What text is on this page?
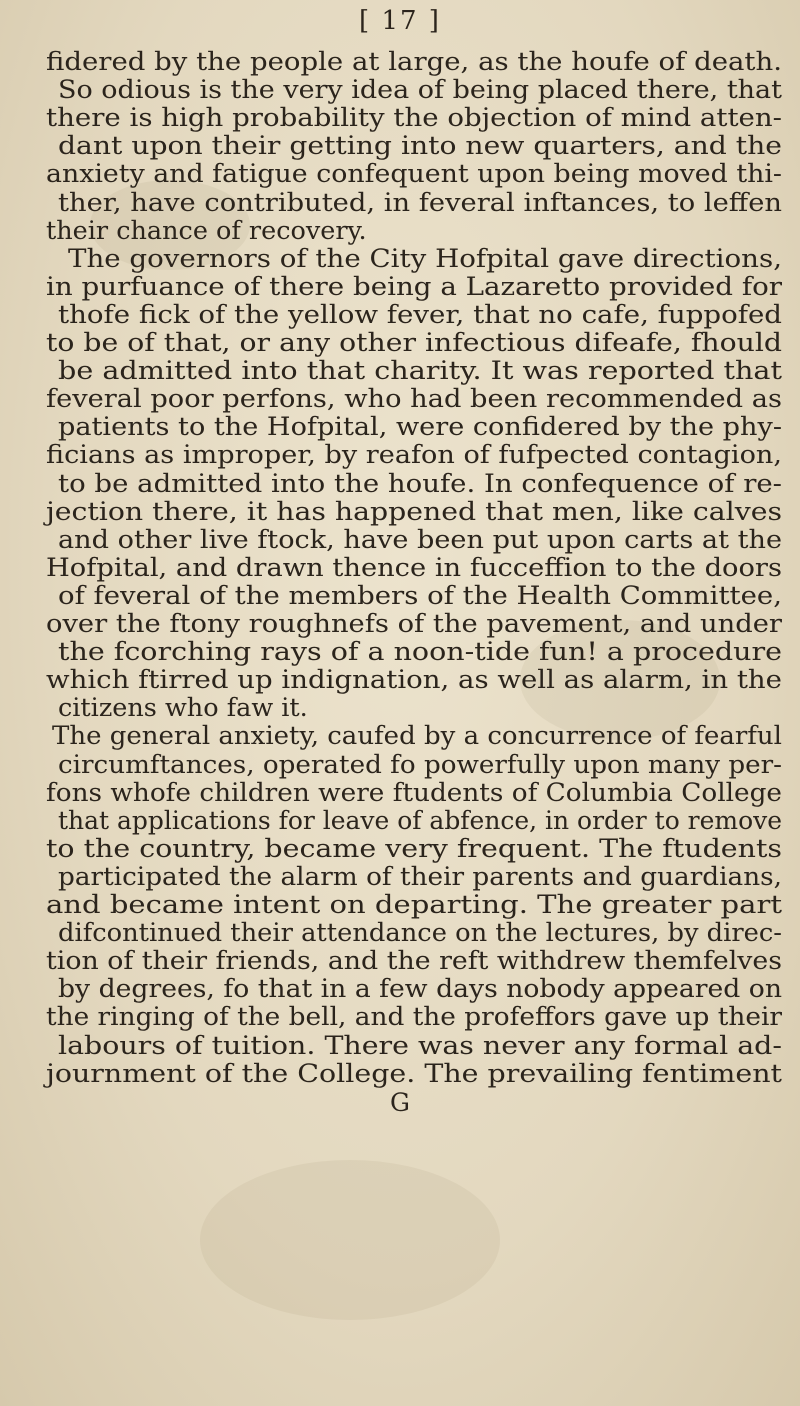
[ 17 ]
fidered by the people at large, as the houfe of death.
So odious is the very idea of being placed there, that
there is high probability the objection of mind atten-
dant upon their getting into new quarters, and the
anxiety and fatigue confequent upon being moved thi-
ther, have contributed, in feveral inftances, to leffen
their chance of recovery.
The governors of the City Hofpital gave directions,
in purfuance of there being a Lazaretto provided for
thofe fick of the yellow fever, that no cafe, fuppofed
to be of that, or any other infectious difeafe, fhould
be admitted into that charity. It was reported that
feveral poor perfons, who had been recommended as
patients to the Hofpital, were confidered by the phy-
ficians as improper, by reafon of fufpected contagion,
to be admitted into the houfe. In confequence of re-
jection there, it has happened that men, like calves
and other live ftock, have been put upon carts at the
Hofpital, and drawn thence in fucceffion to the doors
of feveral of the members of the Health Committee,
over the ftony roughnefs of the pavement, and under
the fcorching rays of a noon-tide fun! a procedure
which ftirred up indignation, as well as alarm, in the
citizens who faw it.
The general anxiety, caufed by a concurrence of fearful
circumftances, operated fo powerfully upon many per-
fons whofe children were ftudents of Columbia College
that applications for leave of abfence, in order to remove
to the country, became very frequent. The ftudents
participated the alarm of their parents and guardians,
and became intent on departing. The greater part
difcontinued their attendance on the lectures, by direc-
tion of their friends, and the reft withdrew themfelves
by degrees, fo that in a few days nobody appeared on
the ringing of the bell, and the profeffors gave up their
labours of tuition. There was never any formal ad-
journment of the College. The prevailing fentiment
G
